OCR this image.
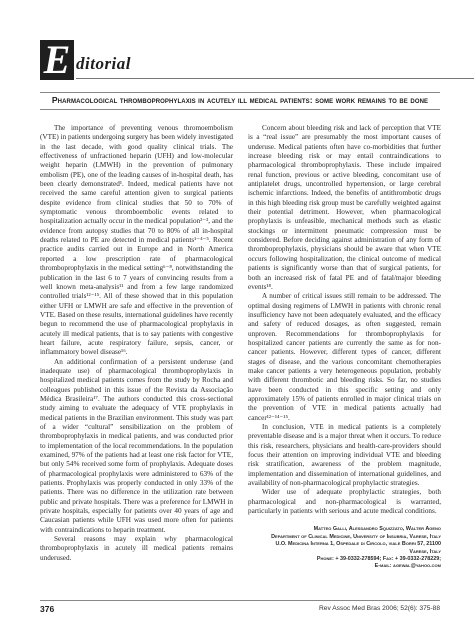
E ditorial
Pharmacological thromboprophylaxis in acutely ill medical patients: some work remains to be done

The importance of preventing venous thromoembolism (VTE) in patients undergoing surgery has been widely investigated in the last decade, with good quality clinical trials. The effectiveness of unfractioned heparin (UFH) and low-molecular weight heparin (LMWH) in the prevention of pulmonary embolism (PE), one of the leading causes of in-hospital death, has been clearly demonstrated¹. Indeed, medical patients have not received the same careful attention given to surgical patients despite evidence from clinical studies that 50 to 70% of symptomatic venous thromboembolic events related to hospitalization actually occur in the medical population²⁻³, and the evidence from autopsy studies that 70 to 80% of all in-hospital deaths related to PE are detected in medical patients¹⁻⁴⁻⁵. Recent practice audits carried out in Europe and in North America reported a low prescription rate of pharmacological thromboprophylaxis in the medical setting⁶⁻⁸, notwithstanding the publication in the last 6 to 7 years of convincing results from a well known meta-analysis¹¹ and from a few large randomized controlled trials¹²⁻¹⁵. All of these showed that in this population either UFH or LMWH are safe and effective in the prevention of VTE. Based on these results, international guidelines have recently begun to recommend the use of pharmacological prophylaxis in acutely ill medical patients, that is to say patients with congestive heart failure, acute respiratory failure, sepsis, cancer, or inflammatory bowel disease¹⁶.

An additional confirmation of a persistent underuse (and inadequate use) of pharmacological thromboprophylaxis in hospitalized medical patients comes from the study by Rocha and colleagues published in this issue of the Revista da Associação Médica Brasileira¹⁷. The authors conducted this cross-sectional study aiming to evaluate the adequacy of VTE prophylaxis in medical patients in the Brazilian environment. This study was part of a wider “cultural” sensibilization on the problem of thromboprophylaxis in medical patients, and was conducted prior to implementation of the local recommendations. In the population examined, 97% of the patients had at least one risk factor for VTE, but only 54% received some form of prophylaxis. Adequate doses of pharmacological prophylaxis were administered to 63% of the patients. Prophylaxis was properly conducted in only 33% of the patients. There was no difference in the utilization rate between public and private hospitals. There was a preference for LMWH in private hospitals, especially for patients over 40 years of age and Caucasian patients while UFH was used more often for patients with contraindications to heparin treatment.

Several reasons may explain why pharmacological thromboprophylaxis in acutely ill medical patients remains underused.

Concern about bleeding risk and lack of perception that VTE is a “real issue” are presumably the most important causes of underuse. Medical patients often have co-morbidities that further increase bleeding risk or may entail contraindications to pharmacological thromboprophylaxis. These include impaired renal function, previous or active bleeding, concomitant use of antiplatelet drugs, uncontrolled hypertension, or large cerebral ischemic infarctions. Indeed, the benefits of antithrombotic drugs in this high bleeding risk group must be carefully weighted against their potential detriment. However, when pharmacological prophylaxis is unfeasible, mechanical methods such as elastic stockings or intermittent pneumatic compression must be considered. Before deciding against administration of any form of thromboprophylaxis, physicians should be aware that when VTE occurs following hospitalization, the clinical outcome of medical patients is significantly worse than that of surgical patients, for both an increased risk of fatal PE and of fatal/major bleeding events¹⁸.

A number of critical issues still remain to be addressed. The optimal dosing regimens of LMWH in patients with chronic renal insufficiency have not been adequately evaluated, and the efficacy and safety of reduced dosages, as often suggested, remain unproven. Recommendations for thromboprophylaxis for hospitalized cancer patients are currently the same as for non-cancer patients. However, different types of cancer, different stages of disease, and the various concomitant chemotherapies make cancer patients a very heterogeneous population, probably with different thrombotic and bleeding risks. So far, no studies have been conducted in this specific setting and only approximately 15% of patients enrolled in major clinical trials on the prevention of VTE in medical patients actually had cancer¹²⁻¹⁴⁻¹⁵.

In conclusion, VTE in medical patients is a completely preventable disease and is a major threat when it occurs. To reduce this risk, researchers, physicians and health-care-providers should focus their attention on improving individual VTE and bleeding risk stratification, awareness of the problem magnitude, implementation and dissemination of international guidelines, and availability of non-pharmacological prophylactic strategies.

Wider use of adequate prophylactic strategies, both pharmacological and non-pharmacological is warranted, particularly in patients with serious and acute medical conditions.

Matteo Galli, Alessandro Squizzato, Walter Ageno
Department of Clinical Medicine, University of Insubria, Varese, Italy
U.O. Medicina Interna 1, Ospedale di Circolo, viale Borri 57, 21100
Varese, Italy
Phone: + 39-0332-278594; Fax: + 39-0332-278229;
E-mail: agewal@yahoo.com
376	Rev Assoc Med Bras 2006; 52(6): 375-88
